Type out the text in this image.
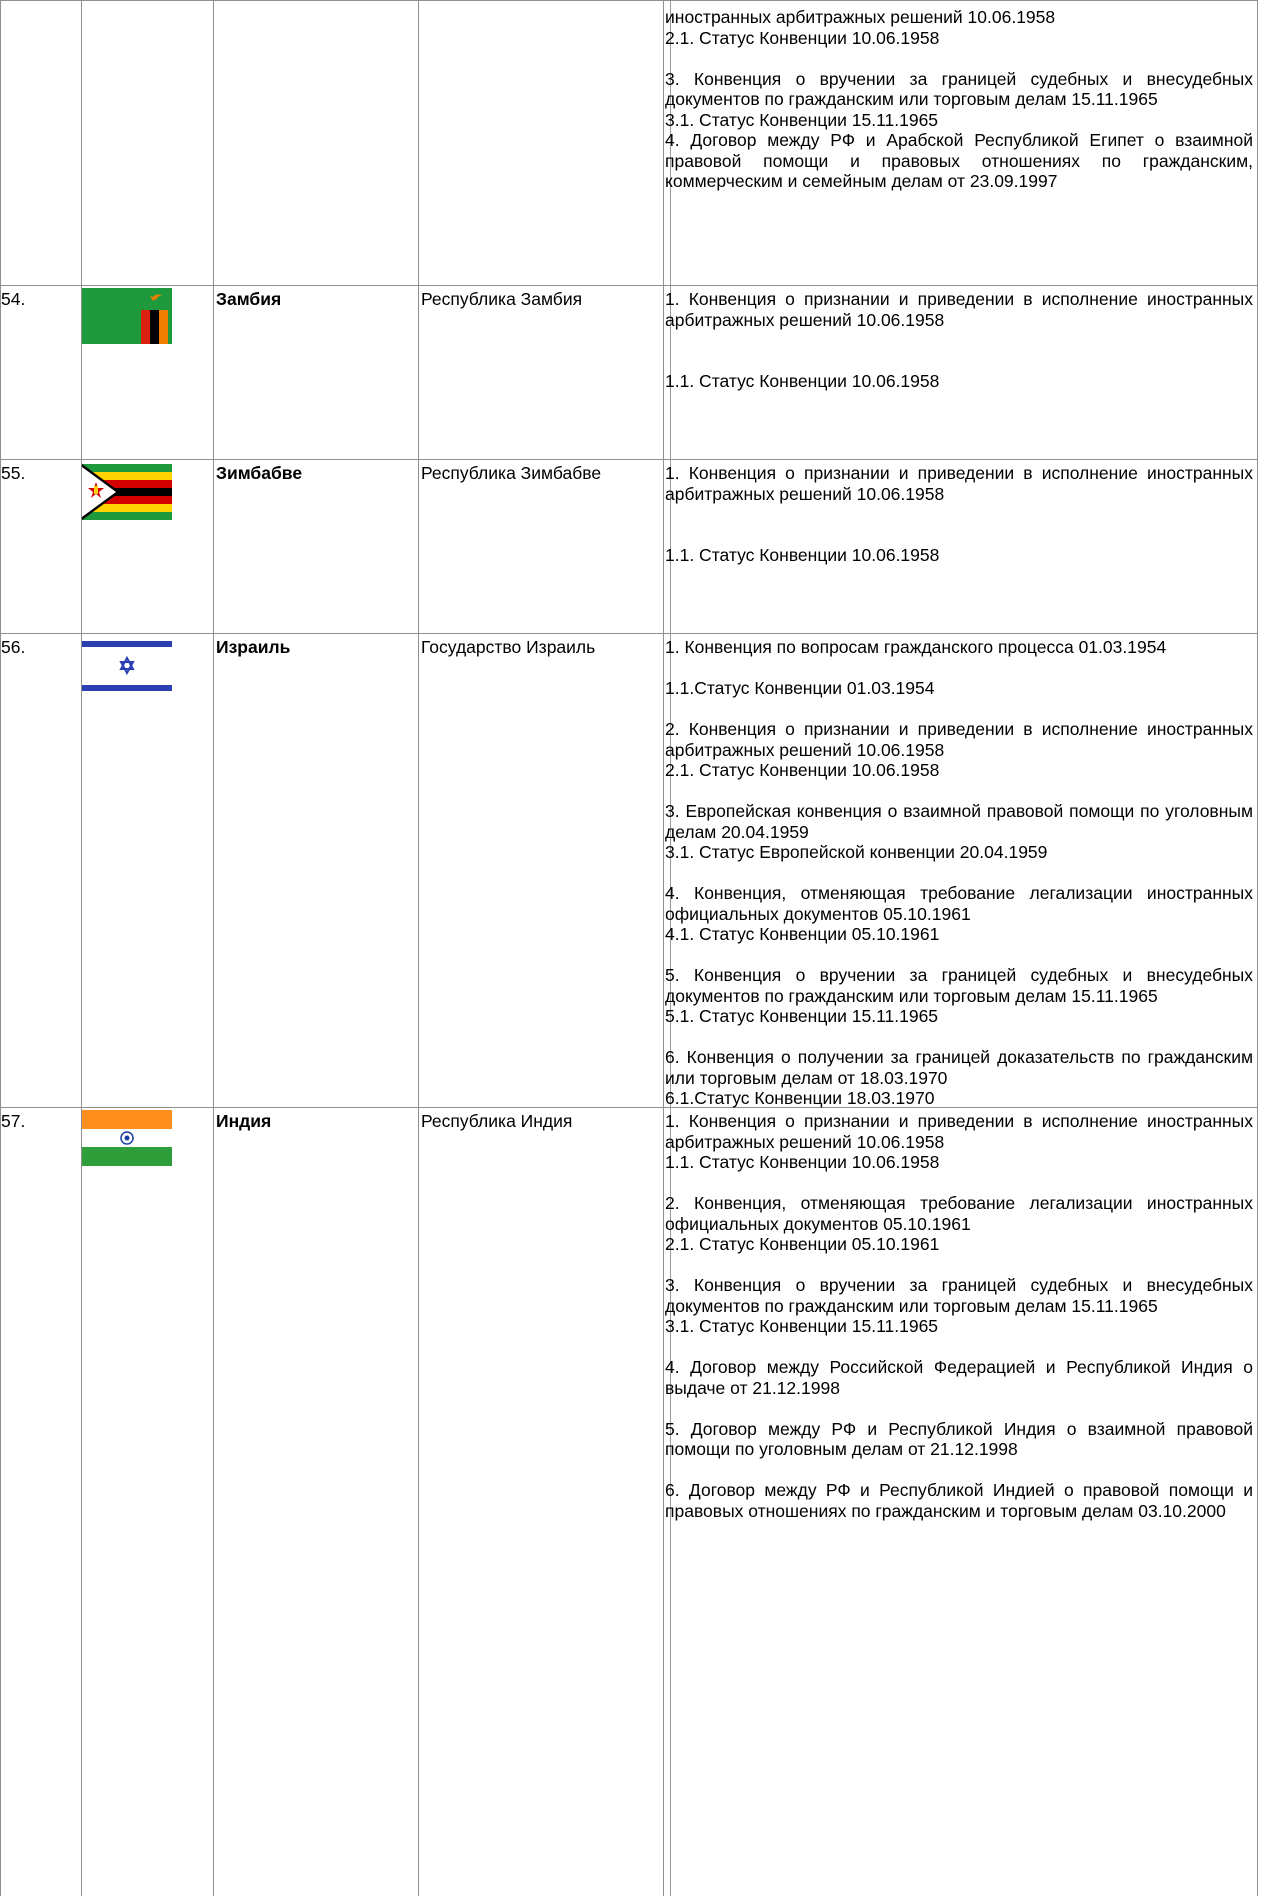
иностранных арбитражных решений 10.06.1958
2.1. Статус Конвенции 10.06.1958

3. Конвенция о вручении за границей судебных и внесудебных документов по гражданским или торговым делам 15.11.1965
3.1. Статус Конвенции 15.11.1965
4. Договор между РФ и Арабской Республикой Египет о взаимной правовой помощи и правовых отношениях по гражданским, коммерческим и семейным делам от 23.09.1997

54.	Замбия	Республика Замбия	1. Конвенция о признании и приведении в исполнение иностранных арбитражных решений 10.06.1958

1.1. Статус Конвенции 10.06.1958

55.	Зимбабве	Республика Зимбабве	1. Конвенция о признании и приведении в исполнение иностранных арбитражных решений 10.06.1958

1.1. Статус Конвенции 10.06.1958

56.	Израиль	Государство Израиль	1. Конвенция по вопросам гражданского процесса 01.03.1954

1.1.Статус Конвенции 01.03.1954

2. Конвенция о признании и приведении в исполнение иностранных арбитражных решений 10.06.1958
2.1. Статус Конвенции 10.06.1958

3. Европейская конвенция о взаимной правовой помощи по уголовным делам 20.04.1959
3.1. Статус Европейской конвенции 20.04.1959

4. Конвенция, отменяющая требование легализации иностранных официальных документов 05.10.1961
4.1. Статус Конвенции 05.10.1961

5. Конвенция о вручении за границей судебных и внесудебных документов по гражданским или торговым делам 15.11.1965
5.1. Статус Конвенции 15.11.1965

6. Конвенция о получении за границей доказательств по гражданским или торговым делам от 18.03.1970
6.1.Статус Конвенции 18.03.1970

57.	Индия	Республика Индия	1. Конвенция о признании и приведении в исполнение иностранных арбитражных решений 10.06.1958
1.1. Статус Конвенции 10.06.1958

2. Конвенция, отменяющая требование легализации иностранных официальных документов 05.10.1961
2.1. Статус Конвенции 05.10.1961

3. Конвенция о вручении за границей судебных и внесудебных документов по гражданским или торговым делам 15.11.1965
3.1. Статус Конвенции 15.11.1965

4. Договор между Российской Федерацией и Республикой Индия о выдаче от 21.12.1998

5. Договор между РФ и Республикой Индия о взаимной правовой помощи по уголовным делам от 21.12.1998

6. Договор между РФ и Республикой Индией о правовой помощи и правовых отношениях по гражданским и торговым делам 03.10.2000
